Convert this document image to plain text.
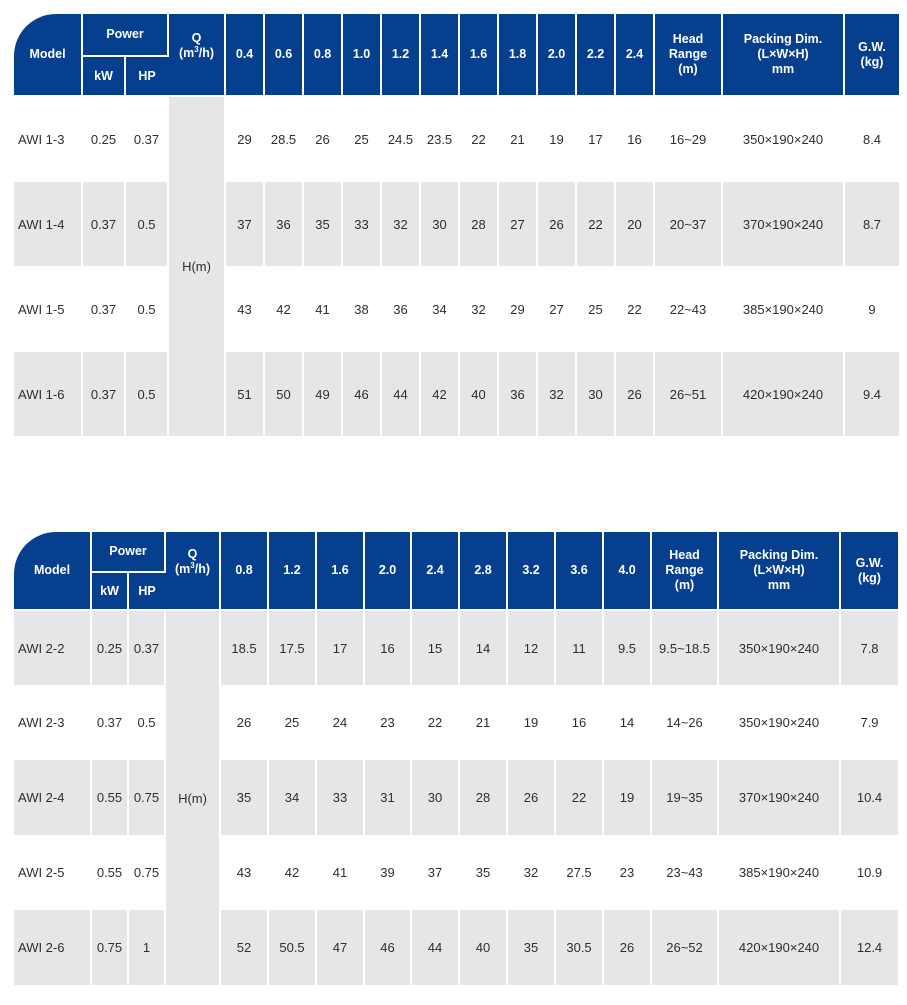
Model	Power		Q
$(m^3/h)$	0.4	0.6	0.8	1.0	1.2	1.4	1.6	1.8	2.0	2.2	2.4	Head
Range
(m)	Packing Dim.
(L×W×H)
mm	G.W.
(kg)
	kW	HP															
AWI 1-3	0.25	0.37	H(m)	29	28.5	26	25	24.5	23.5	22	21	19	17	16	16~29	350×190×240	8.4
AWI 1-4	0.37	0.5		37	36	35	33	32	30	28	27	26	22	20	20~37	370×190×240	8.7
AWI 1-5	0.37	0.5		43	42	41	38	36	34	32	29	27	25	22	22~43	385×190×240	9
AWI 1-6	0.37	0.5		51	50	49	46	44	42	40	36	32	30	26	26~51	420×190×240	9.4
Model	Power		Q
$(m^3/h)$	0.8	1.2	1.6	2.0	2.4	2.8	3.2	3.6	4.0	Head
Range
(m)	Packing Dim.
(L×W×H)
mm	G.W.
(kg)
	kW	HP													
AWI 2-2	0.25	0.37	H(m)	18.5	17.5	17	16	15	14	12	11	9.5	9.5~18.5	350×190×240	7.8
AWI 2-3	0.37	0.5		26	25	24	23	22	21	19	16	14	14~26	350×190×240	7.9
AWI 2-4	0.55	0.75		35	34	33	31	30	28	26	22	19	19~35	370×190×240	10.4
AWI 2-5	0.55	0.75		43	42	41	39	37	35	32	27.5	23	23~43	385×190×240	10.9
AWI 2-6	0.75	1		52	50.5	47	46	44	40	35	30.5	26	26~52	420×190×240	12.4
